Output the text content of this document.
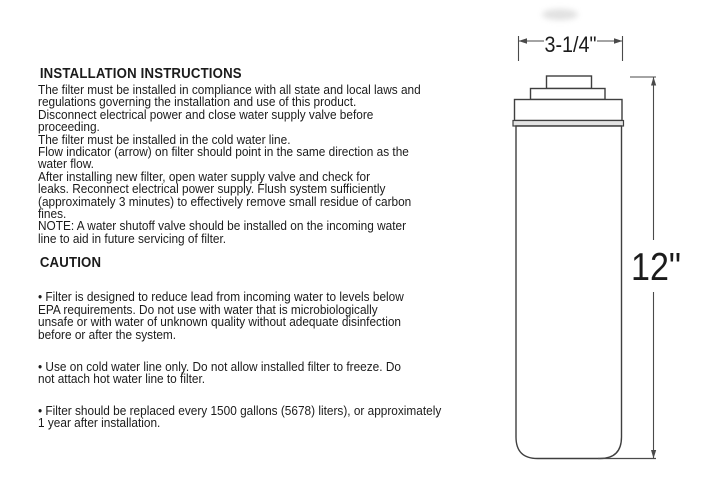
INSTALLATION INSTRUCTIONS
The filter must be installed in compliance with all state and local laws and
regulations governing the installation and use of this product.
Disconnect electrical power and close water supply valve before
proceeding.
The filter must be installed in the cold water line.
Flow indicator (arrow) on filter should point in the same direction as the
water flow.
After installing new filter, open water supply valve and check for
leaks. Reconnect electrical power supply. Flush system sufficiently
(approximately 3 minutes) to effectively remove small residue of carbon
fines.
NOTE: A water shutoff valve should be installed on the incoming water
line to aid in future servicing of filter.
CAUTION
• Filter is designed to reduce lead from incoming water to levels below
EPA requirements. Do not use with water that is microbiologically
unsafe or with water of unknown quality without adequate disinfection
before or after the system.
• Use on cold water line only. Do not allow installed filter to freeze. Do
not attach hot water line to filter.
• Filter should be replaced every 1500 gallons (5678) liters), or approximately
1 year after installation.
3-1/4"
12"
